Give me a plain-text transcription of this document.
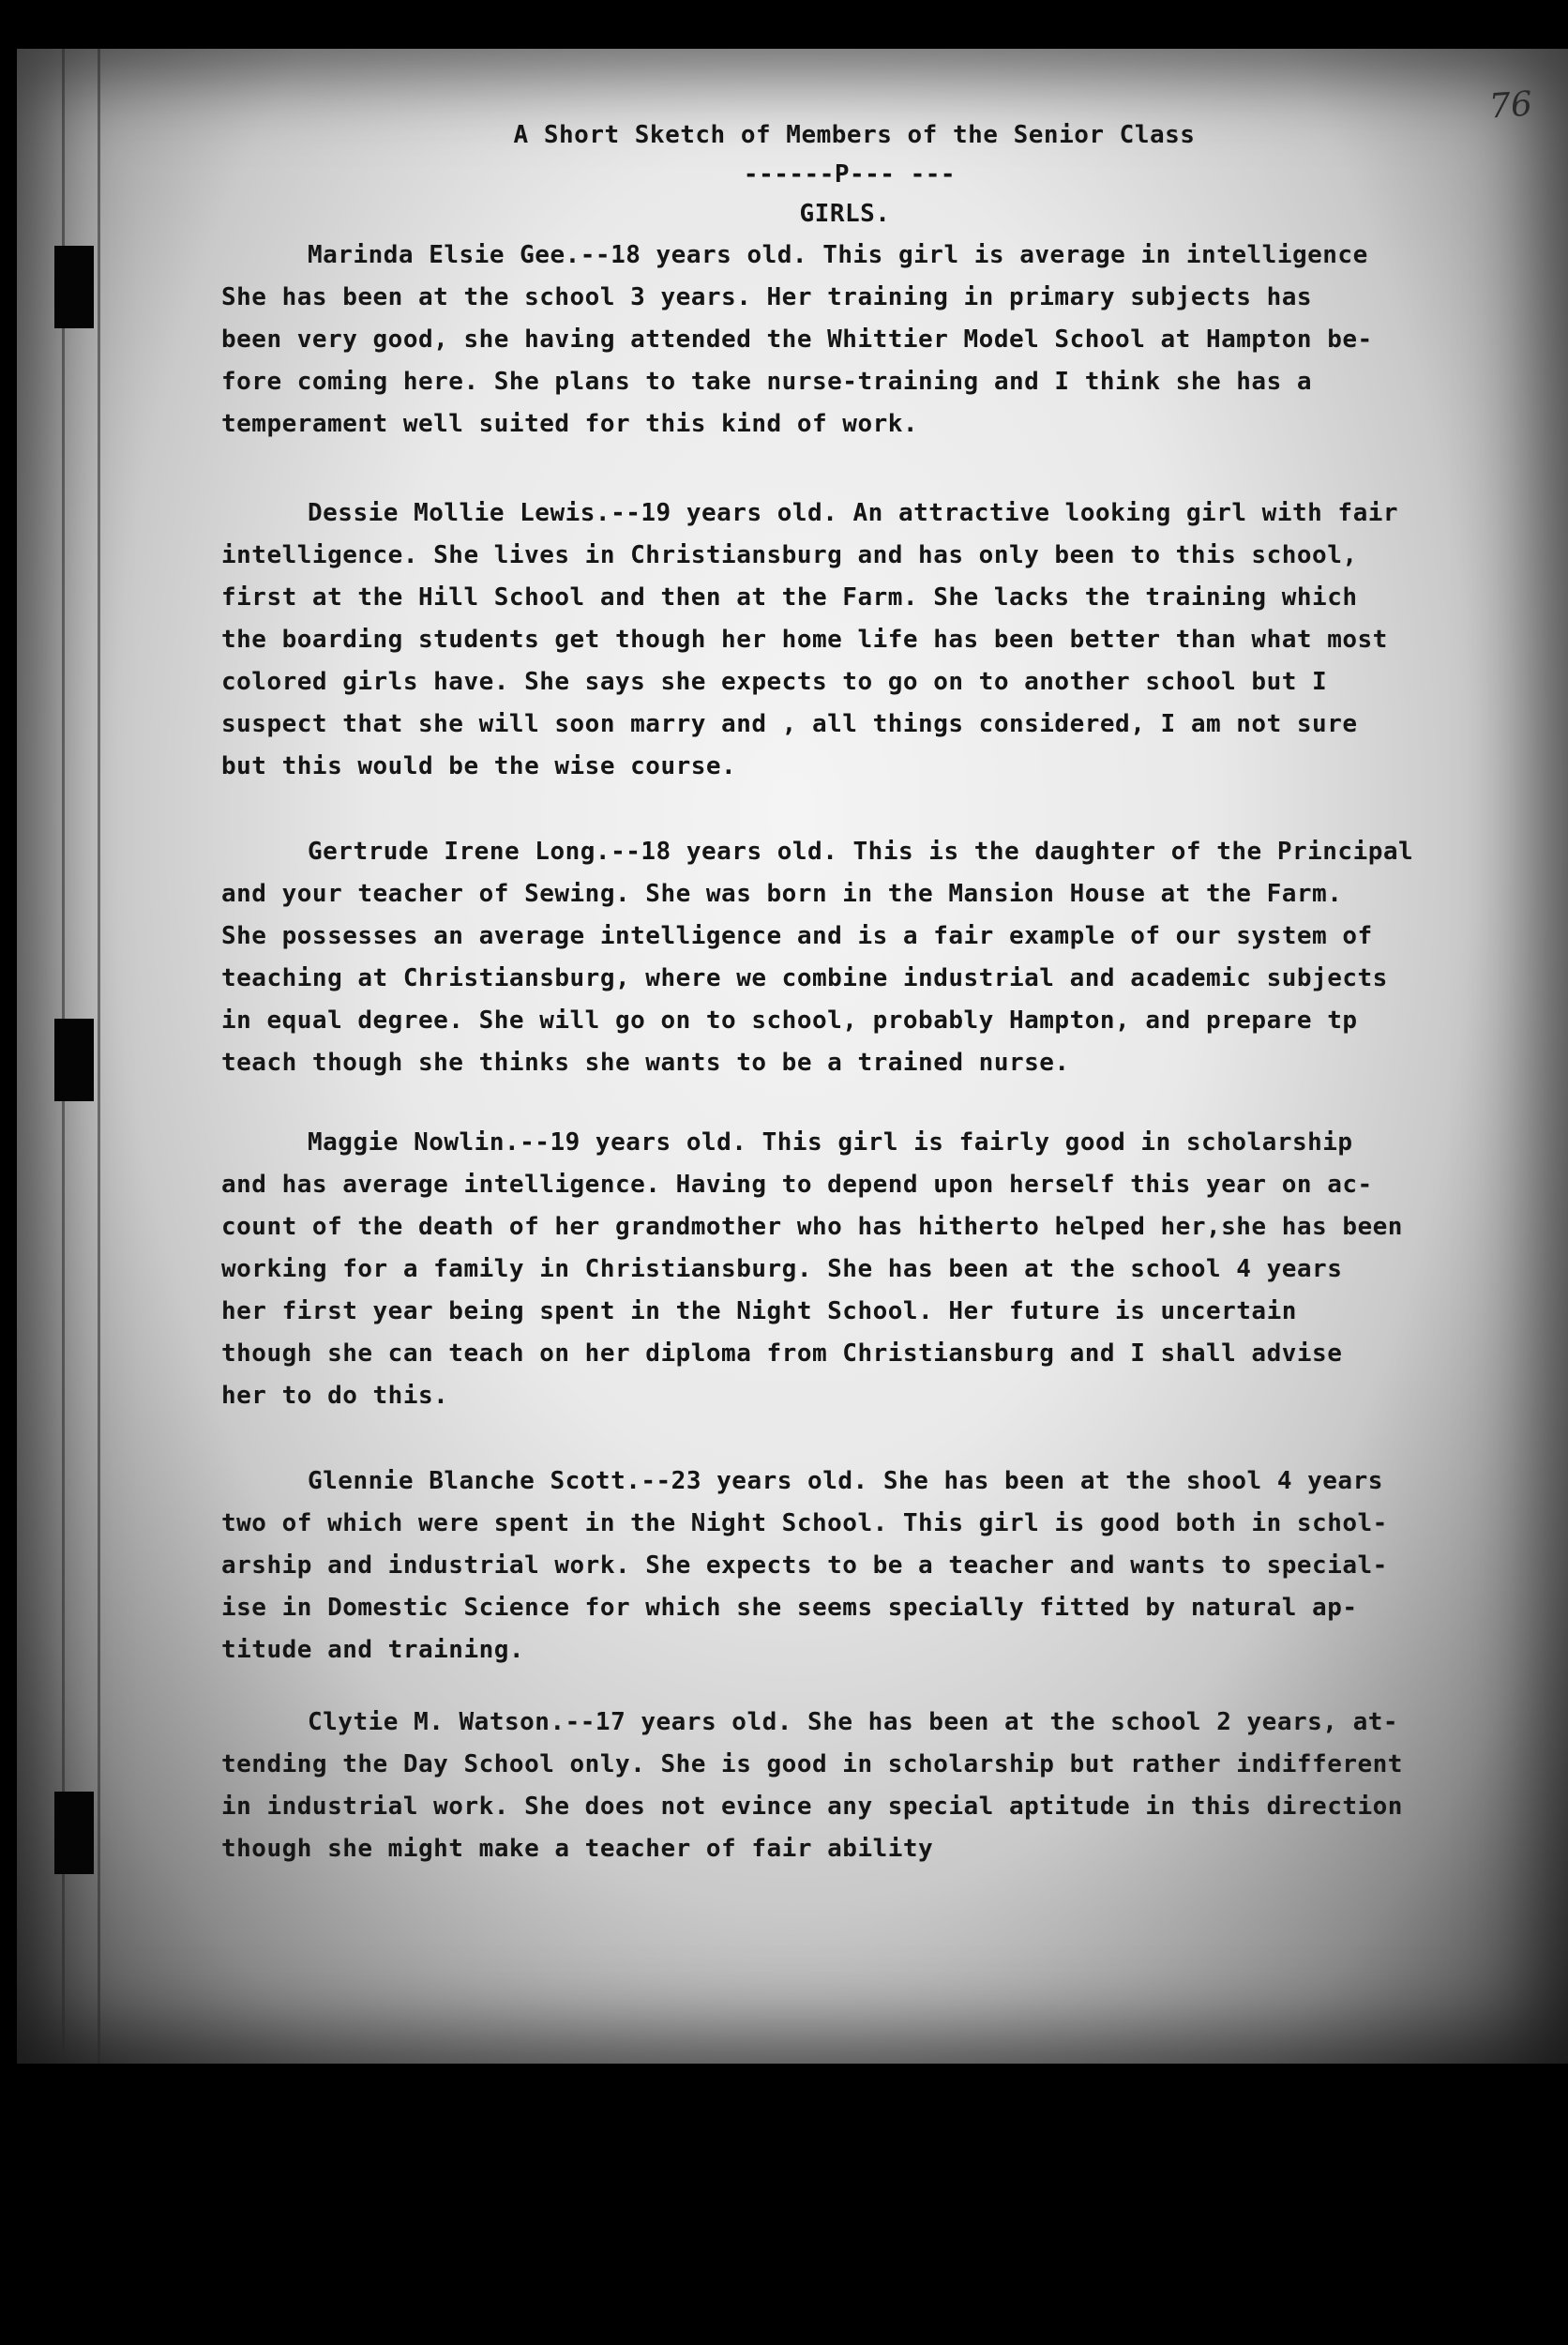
76
A Short Sketch of Members of the Senior Class
------P--- ---
GIRLS.
Marinda Elsie Gee.--18 years old. This girl is average in intelligence
She has been at the school 3 years. Her training in primary subjects has
been very good, she having attended the Whittier Model School at Hampton be-
fore coming here. She plans to take nurse-training and I think she has a
temperament well suited for this kind of work.
Dessie Mollie Lewis.--19 years old. An attractive looking girl with fair
intelligence. She lives in Christiansburg and has only been to this school,
first at the Hill School and then at the Farm. She lacks the training which
the boarding students get though her home life has been better than what most
colored girls have. She says she expects to go on to another school but I
suspect that she will soon marry and , all things considered, I am not sure
but this would be the wise course.
Gertrude Irene Long.--18 years old. This is the daughter of the Principal
and your teacher of Sewing. She was born in the Mansion House at the Farm.
She possesses an average intelligence and is a fair example of our system of
teaching at Christiansburg, where we combine industrial and academic subjects
in equal degree. She will go on to school, probably Hampton, and prepare tp
teach though she thinks she wants to be a trained nurse.
Maggie Nowlin.--19 years old. This girl is fairly good in scholarship
and has average intelligence. Having to depend upon herself this year on ac-
count of the death of her grandmother who has hitherto helped her,she has been
working for a family in Christiansburg. She has been at the school 4 years
her first year being spent in the Night School. Her future is uncertain
though she can teach on her diploma from Christiansburg and I shall advise
her to do this.
Glennie Blanche Scott.--23 years old. She has been at the shool 4 years
two of which were spent in the Night School. This girl is good both in schol-
arship and industrial work. She expects to be a teacher and wants to special-
ise in Domestic Science for which she seems specially fitted by natural ap-
titude and training.
Clytie M. Watson.--17 years old. She has been at the school 2 years, at-
tending the Day School only. She is good in scholarship but rather indifferent
in industrial work. She does not evince any special aptitude in this direction
though she might make a teacher of fair ability
